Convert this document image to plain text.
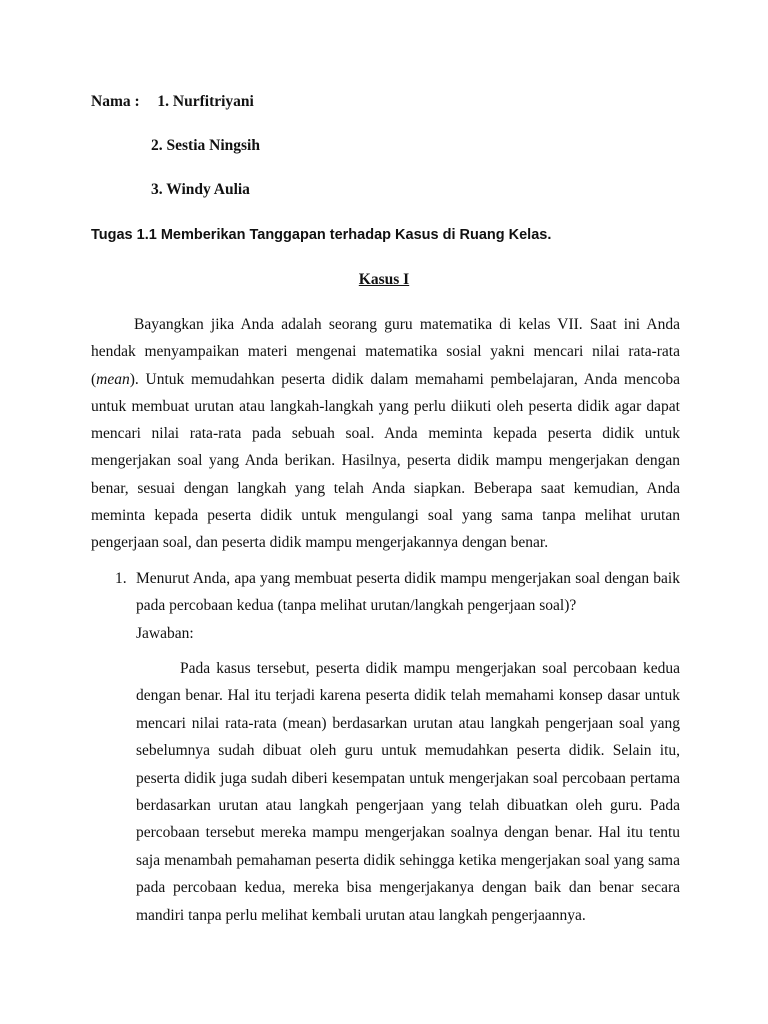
Nama : 1. Nurfitriyani
2. Sestia Ningsih
3. Windy Aulia
Tugas 1.1 Memberikan Tanggapan terhadap Kasus di Ruang Kelas.
Kasus I

Bayangkan jika Anda adalah seorang guru matematika di kelas VII. Saat ini Anda hendak menyampaikan materi mengenai matematika sosial yakni mencari nilai rata-rata (mean). Untuk memudahkan peserta didik dalam memahami pembelajaran, Anda mencoba untuk membuat urutan atau langkah-langkah yang perlu diikuti oleh peserta didik agar dapat mencari nilai rata-rata pada sebuah soal. Anda meminta kepada peserta didik untuk mengerjakan soal yang Anda berikan. Hasilnya, peserta didik mampu mengerjakan dengan benar, sesuai dengan langkah yang telah Anda siapkan. Beberapa saat kemudian, Anda meminta kepada peserta didik untuk mengulangi soal yang sama tanpa melihat urutan pengerjaan soal, dan peserta didik mampu mengerjakannya dengan benar.

1. Menurut Anda, apa yang membuat peserta didik mampu mengerjakan soal dengan baik pada percobaan kedua (tanpa melihat urutan/langkah pengerjaan soal)?

Jawaban:

Pada kasus tersebut, peserta didik mampu mengerjakan soal percobaan kedua dengan benar. Hal itu terjadi karena peserta didik telah memahami konsep dasar untuk mencari nilai rata-rata (mean) berdasarkan urutan atau langkah pengerjaan soal yang sebelumnya sudah dibuat oleh guru untuk memudahkan peserta didik. Selain itu, peserta didik juga sudah diberi kesempatan untuk mengerjakan soal percobaan pertama berdasarkan urutan atau langkah pengerjaan yang telah dibuatkan oleh guru. Pada percobaan tersebut mereka mampu mengerjakan soalnya dengan benar. Hal itu tentu saja menambah pemahaman peserta didik sehingga ketika mengerjakan soal yang sama pada percobaan kedua, mereka bisa mengerjakanya dengan baik dan benar secara mandiri tanpa perlu melihat kembali urutan atau langkah pengerjaannya.
